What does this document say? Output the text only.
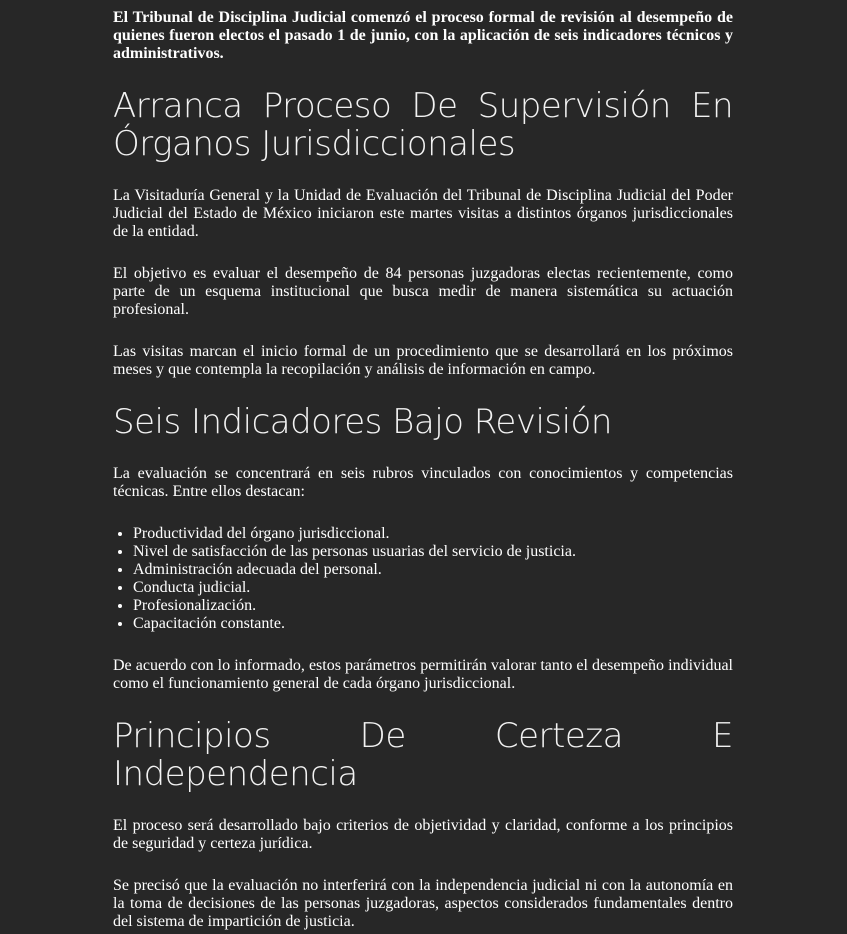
El Tribunal de Disciplina Judicial comenzó el proceso formal de revisión al desempeño de quienes fueron electos el pasado 1 de junio, con la aplicación de seis indicadores técnicos y administrativos.

Arranca Proceso De Supervisión En Órganos Jurisdiccionales

La Visitaduría General y la Unidad de Evaluación del Tribunal de Disciplina Judicial del Poder Judicial del Estado de México iniciaron este martes visitas a distintos órganos jurisdiccionales de la entidad.

El objetivo es evaluar el desempeño de 84 personas juzgadoras electas recientemente, como parte de un esquema institucional que busca medir de manera sistemática su actuación profesional.

Las visitas marcan el inicio formal de un procedimiento que se desarrollará en los próximos meses y que contempla la recopilación y análisis de información en campo.

Seis Indicadores Bajo Revisión

La evaluación se concentrará en seis rubros vinculados con conocimientos y competencias técnicas. Entre ellos destacan:

• Productividad del órgano jurisdiccional.
• Nivel de satisfacción de las personas usuarias del servicio de justicia.
• Administración adecuada del personal.
• Conducta judicial.
• Profesionalización.
• Capacitación constante.

De acuerdo con lo informado, estos parámetros permitirán valorar tanto el desempeño individual como el funcionamiento general de cada órgano jurisdiccional.

Principios De Certeza E Independencia

El proceso será desarrollado bajo criterios de objetividad y claridad, conforme a los principios de seguridad y certeza jurídica.

Se precisó que la evaluación no interferirá con la independencia judicial ni con la autonomía en la toma de decisiones de las personas juzgadoras, aspectos considerados fundamentales dentro del sistema de impartición de justicia.
